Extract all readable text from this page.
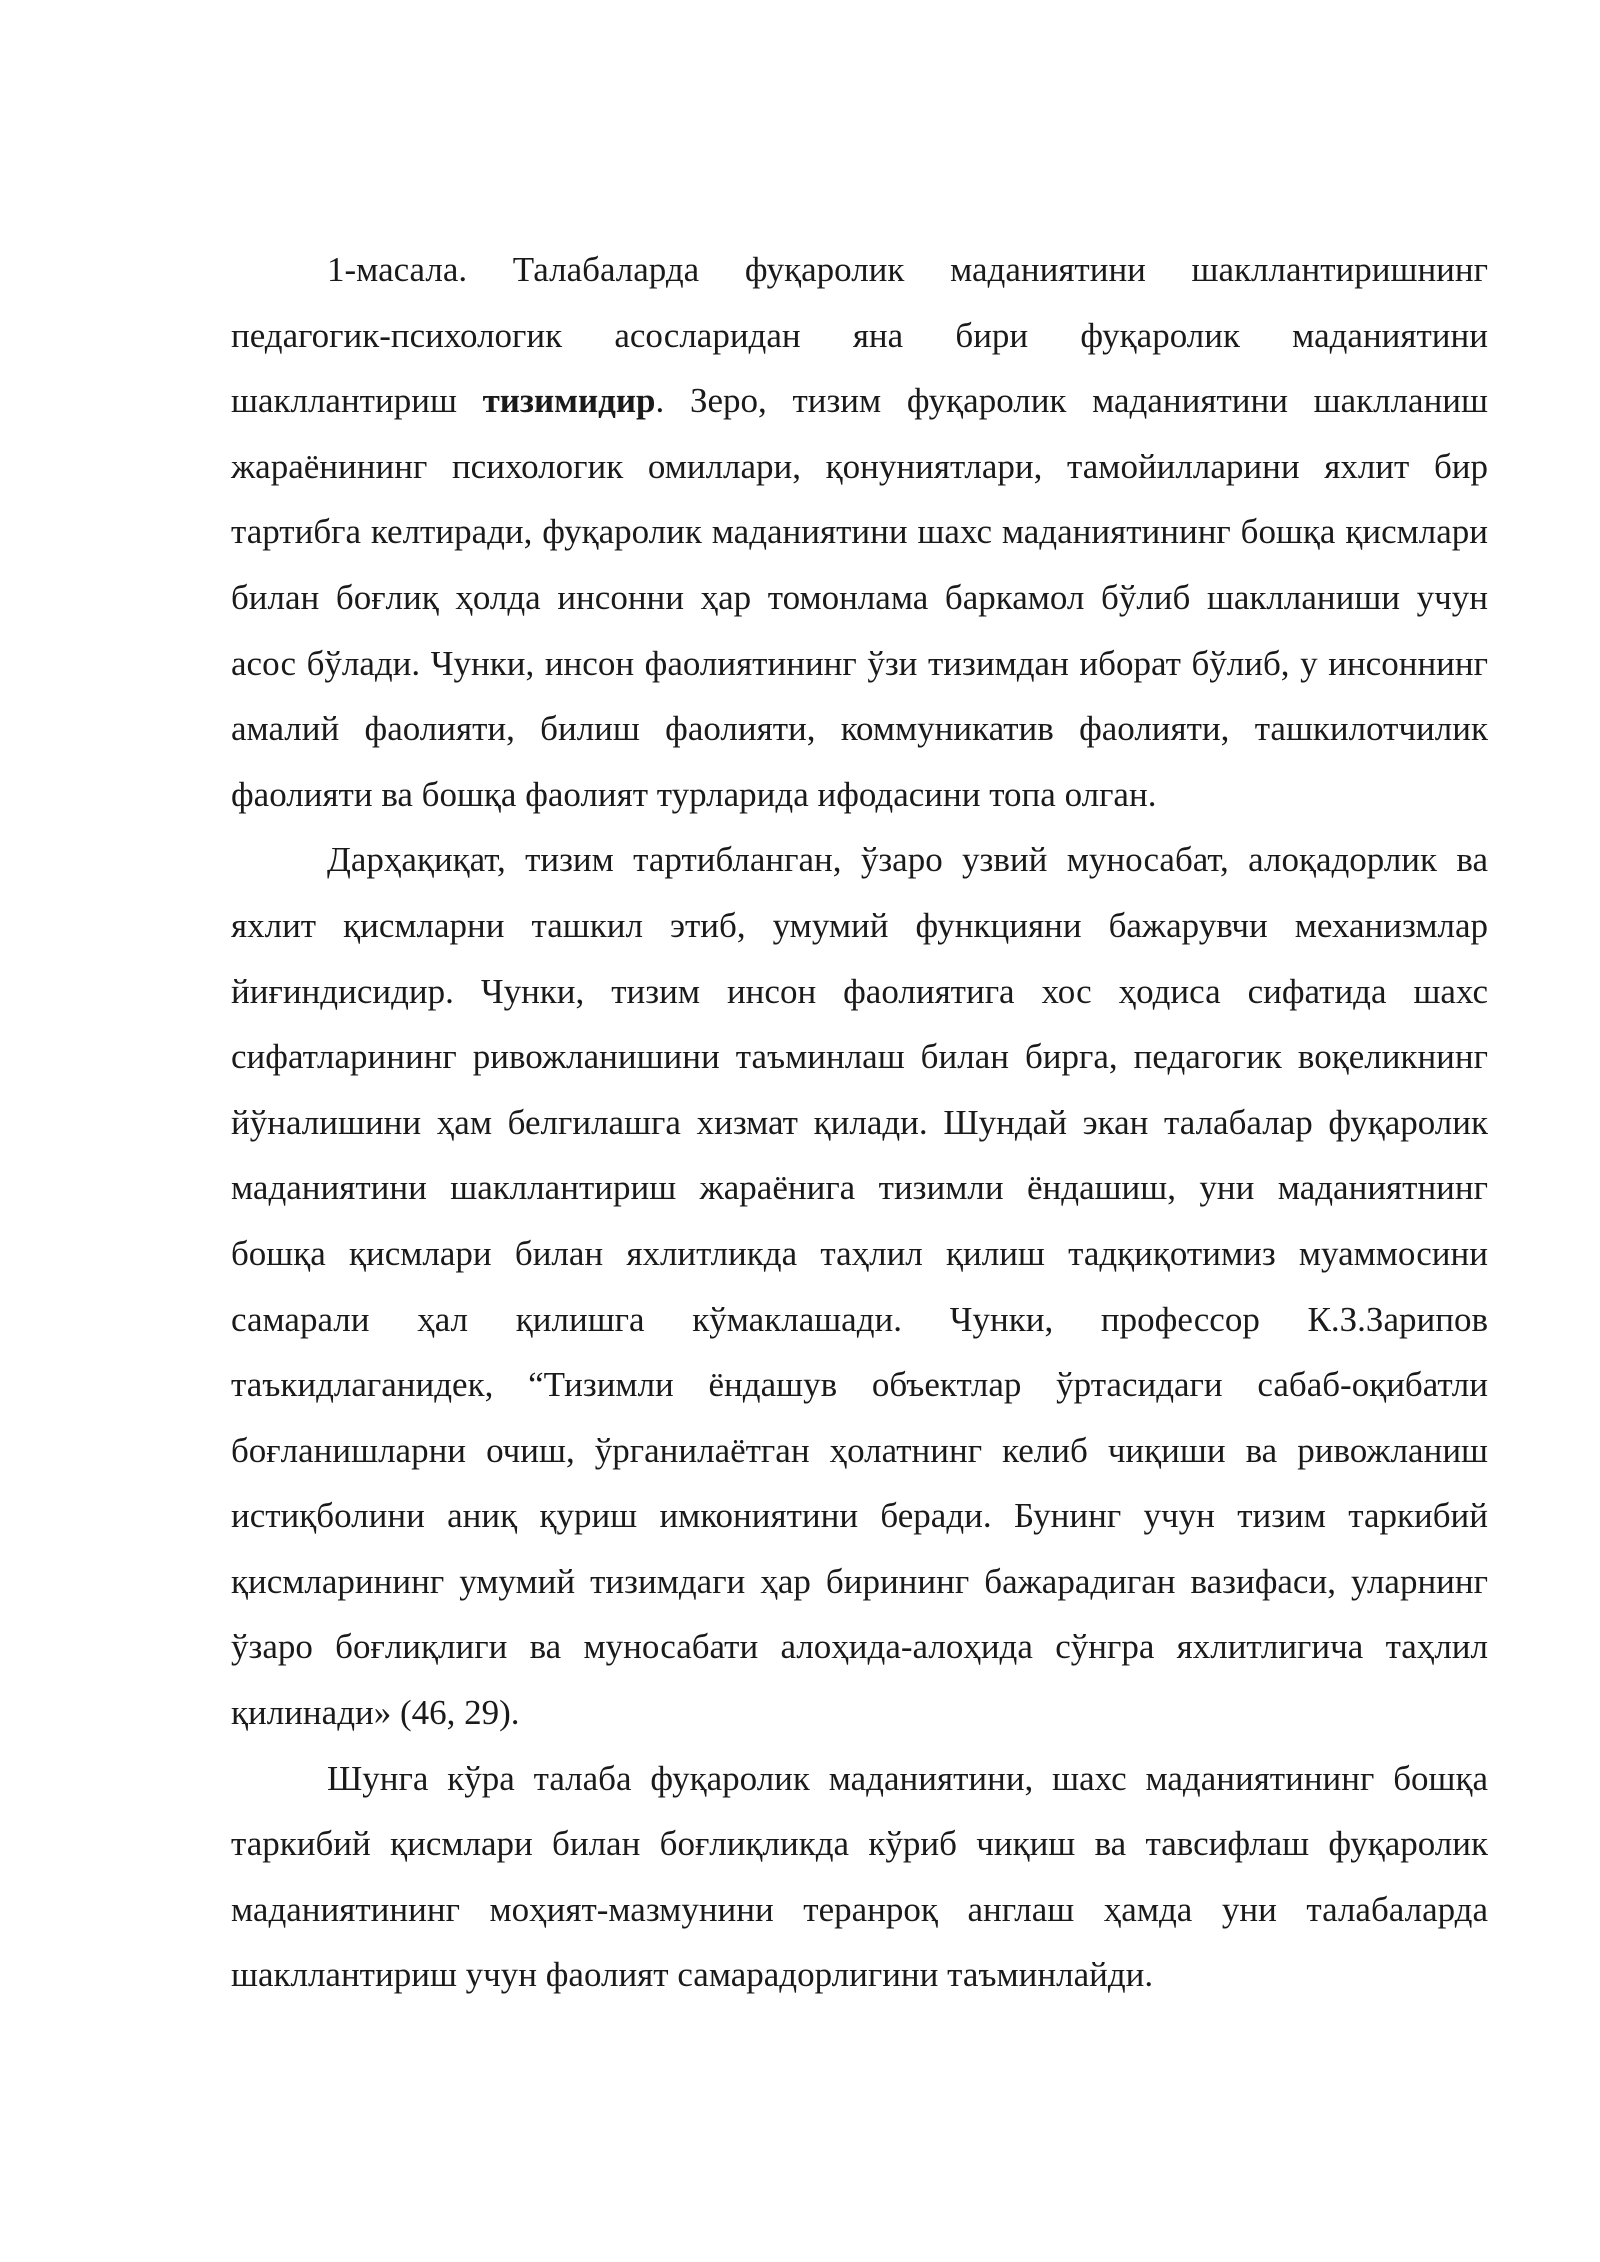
1-масала. Талабаларда фуқаролик маданиятини шакллантиришнинг педагогик-психологик асосларидан яна бири фуқаролик маданиятини шакллантириш тизимидир. Зеро, тизим фуқаролик маданиятини шаклланиш жараёнининг психологик омиллари, қонуниятлари, тамойилларини яхлит бир тартибга келтиради, фуқаролик маданиятини шахс маданиятининг бошқа қисмлари билан боғлиқ ҳолда инсонни ҳар томонлама баркамол бўлиб шаклланиши учун асос бўлади. Чунки, инсон фаолиятининг ўзи тизимдан иборат бўлиб, у инсоннинг амалий фаолияти, билиш фаолияти, коммуникатив фаолияти, ташкилотчилик фаолияти ва бошқа фаолият турларида ифодасини топа олган.

Дарҳақиқат, тизим тартибланган, ўзаро узвий муносабат, алоқадорлик ва яхлит қисмларни ташкил этиб, умумий функцияни бажарувчи механизмлар йиғиндисидир. Чунки, тизим инсон фаолиятига хос ҳодиса сифатида шахс сифатларининг ривожланишини таъминлаш билан бирга, педагогик воқеликнинг йўналишини ҳам белгилашга хизмат қилади. Шундай экан талабалар фуқаролик маданиятини шакллантириш жараёнига тизимли ёндашиш, уни маданиятнинг бошқа қисмлари билан яхлитликда таҳлил қилиш тадқиқотимиз муаммосини самарали ҳал қилишга кўмаклашади. Чунки, профессор К.З.Зарипов таъкидлаганидек, “Тизимли ёндашув объектлар ўртасидаги сабаб-оқибатли боғланишларни очиш, ўрганилаётган ҳолатнинг келиб чиқиши ва ривожланиш истиқболини аниқ қуриш имкониятини беради. Бунинг учун тизим таркибий қисмларининг умумий тизимдаги ҳар бирининг бажарадиган вазифаси, уларнинг ўзаро боғлиқлиги ва муносабати алоҳида-алоҳида сўнгра яхлитлигича таҳлил қилинади» (46, 29).

Шунга кўра талаба фуқаролик маданиятини, шахс маданиятининг бошқа таркибий қисмлари билан боғлиқликда кўриб чиқиш ва тавсифлаш фуқаролик маданиятининг моҳият-мазмунини теранроқ англаш ҳамда уни талабаларда шакллантириш учун фаолият самарадорлигини таъминлайди.
